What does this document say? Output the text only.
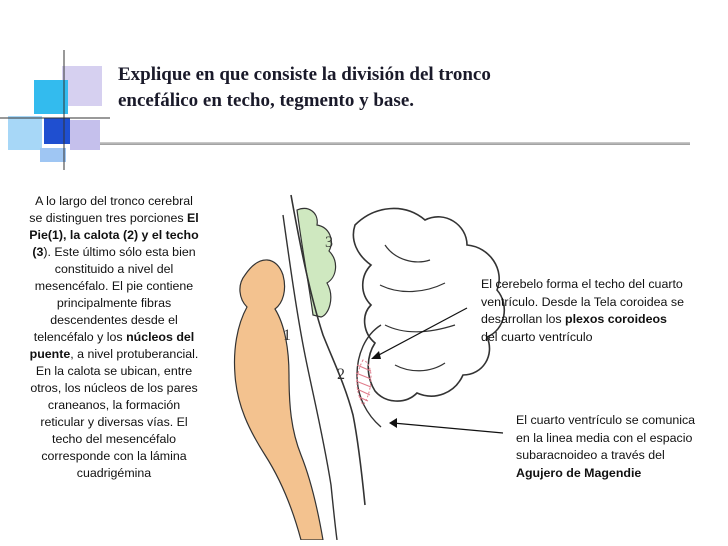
Explique en que consiste la división del tronco
encefálico en techo, tegmento y base.
A lo largo del tronco cerebral se distinguen tres porciones El Pie(1), la calota (2) y el techo (3). Este último sólo esta bien constituido a nivel del mesencéfalo. El pie contiene principalmente fibras descendentes desde el telencéfalo y los núcleos del puente, a nivel protuberancial. En la calota se ubican, entre otros, los núcleos de los pares craneanos, la formación reticular y diversas vías. El techo del mesencéfalo corresponde con la lámina cuadrigémina
1
2
3
El cerebelo forma el techo del cuarto ventrículo. Desde la Tela coroidea se desarrollan los plexos coroideos del cuarto ventrículo
El cuarto ventrículo se comunica en la linea media con el espacio subaracnoideo a través del Agujero de Magendie
